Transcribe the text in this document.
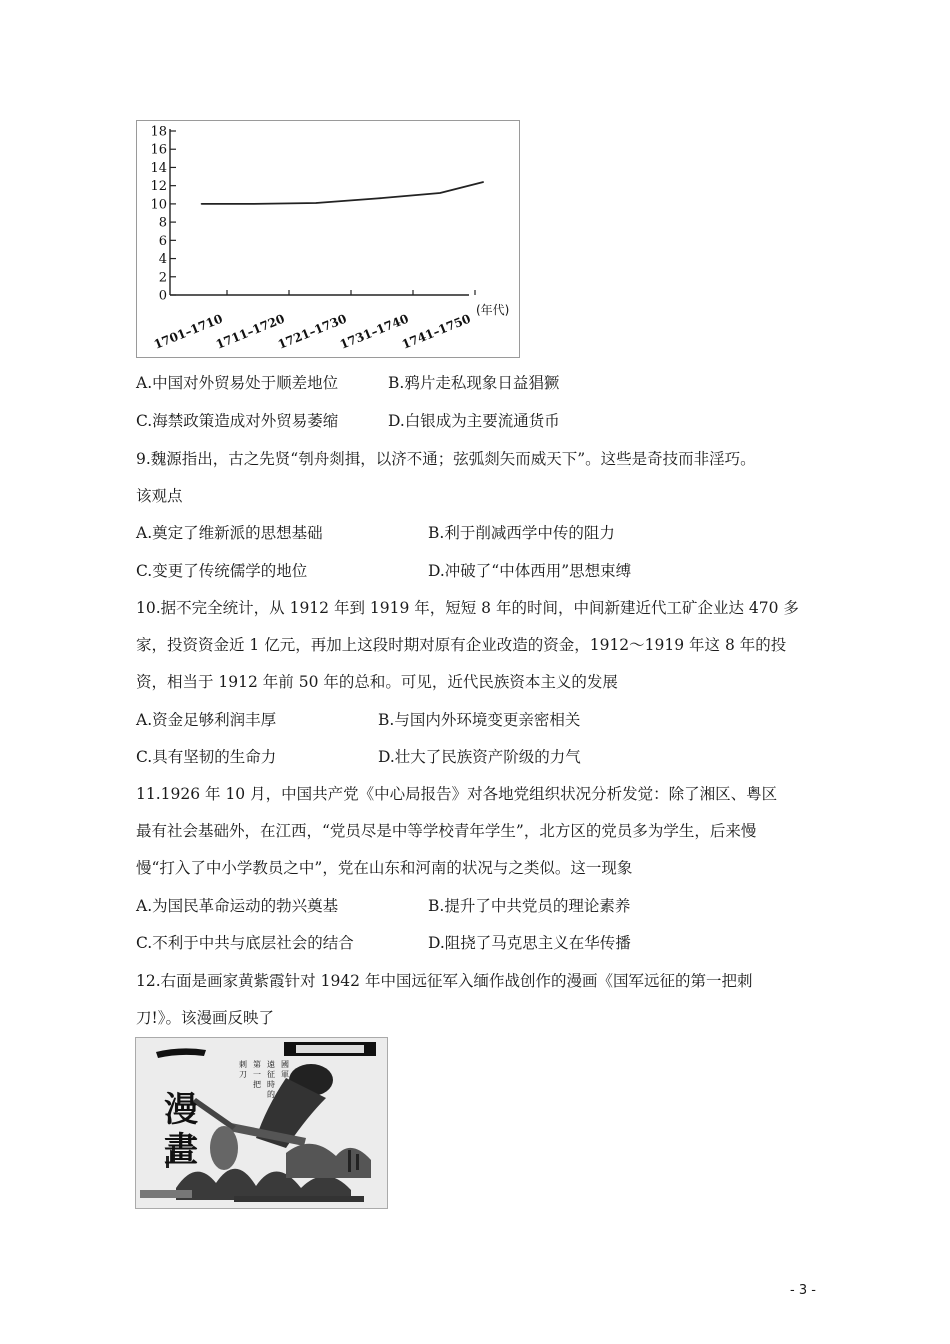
0
2
4
6
8
10
12
14
16
18
1701–1710
1711–1720
1721–1730
1731–1740
1741–1750
(年代)
A.中国对外贸易处于顺差地位	B.鸦片走私现象日益猖獗
C.海禁政策造成对外贸易萎缩	D.白银成为主要流通货币
9.魏源指出，古之先贤“刳舟剡揖，以济不通；弦弧剡矢而威天下”。这些是奇技而非淫巧。
该观点
A.奠定了维新派的思想基础	B.利于削减西学中传的阻力
C.变更了传统儒学的地位	D.冲破了“中体西用”思想束缚
10.据不完全统计，从 1912 年到 1919 年，短短 8 年的时间，中间新建近代工矿企业达 470 多
家，投资资金近 1 亿元，再加上这段时期对原有企业改造的资金，1912～1919 年这 8 年的投
资，相当于 1912 年前 50 年的总和。可见，近代民族资本主义的发展
A.资金足够利润丰厚	B.与国内外环境变更亲密相关
C.具有坚韧的生命力	D.壮大了民族资产阶级的力气
11.1926 年 10 月，中国共产党《中心局报告》对各地党组织状况分析发觉：除了湘区、粤区
最有社会基础外，在江西，“党员尽是中等学校青年学生”，北方区的党员多为学生，后来慢
慢“打入了中小学教员之中”，党在山东和河南的状况与之类似。这一现象
A.为国民革命运动的勃兴奠基	B.提升了中共党员的理论素养
C.不利于中共与底层社会的结合	D.阻挠了马克思主义在华传播
12.右面是画家黄紫霞针对 1942 年中国远征军入缅作战创作的漫画《国军远征的第一把刺
刀!》。该漫画反映了
漫畫
國軍
遠征時的
第一把
刺刀
- 3 -
